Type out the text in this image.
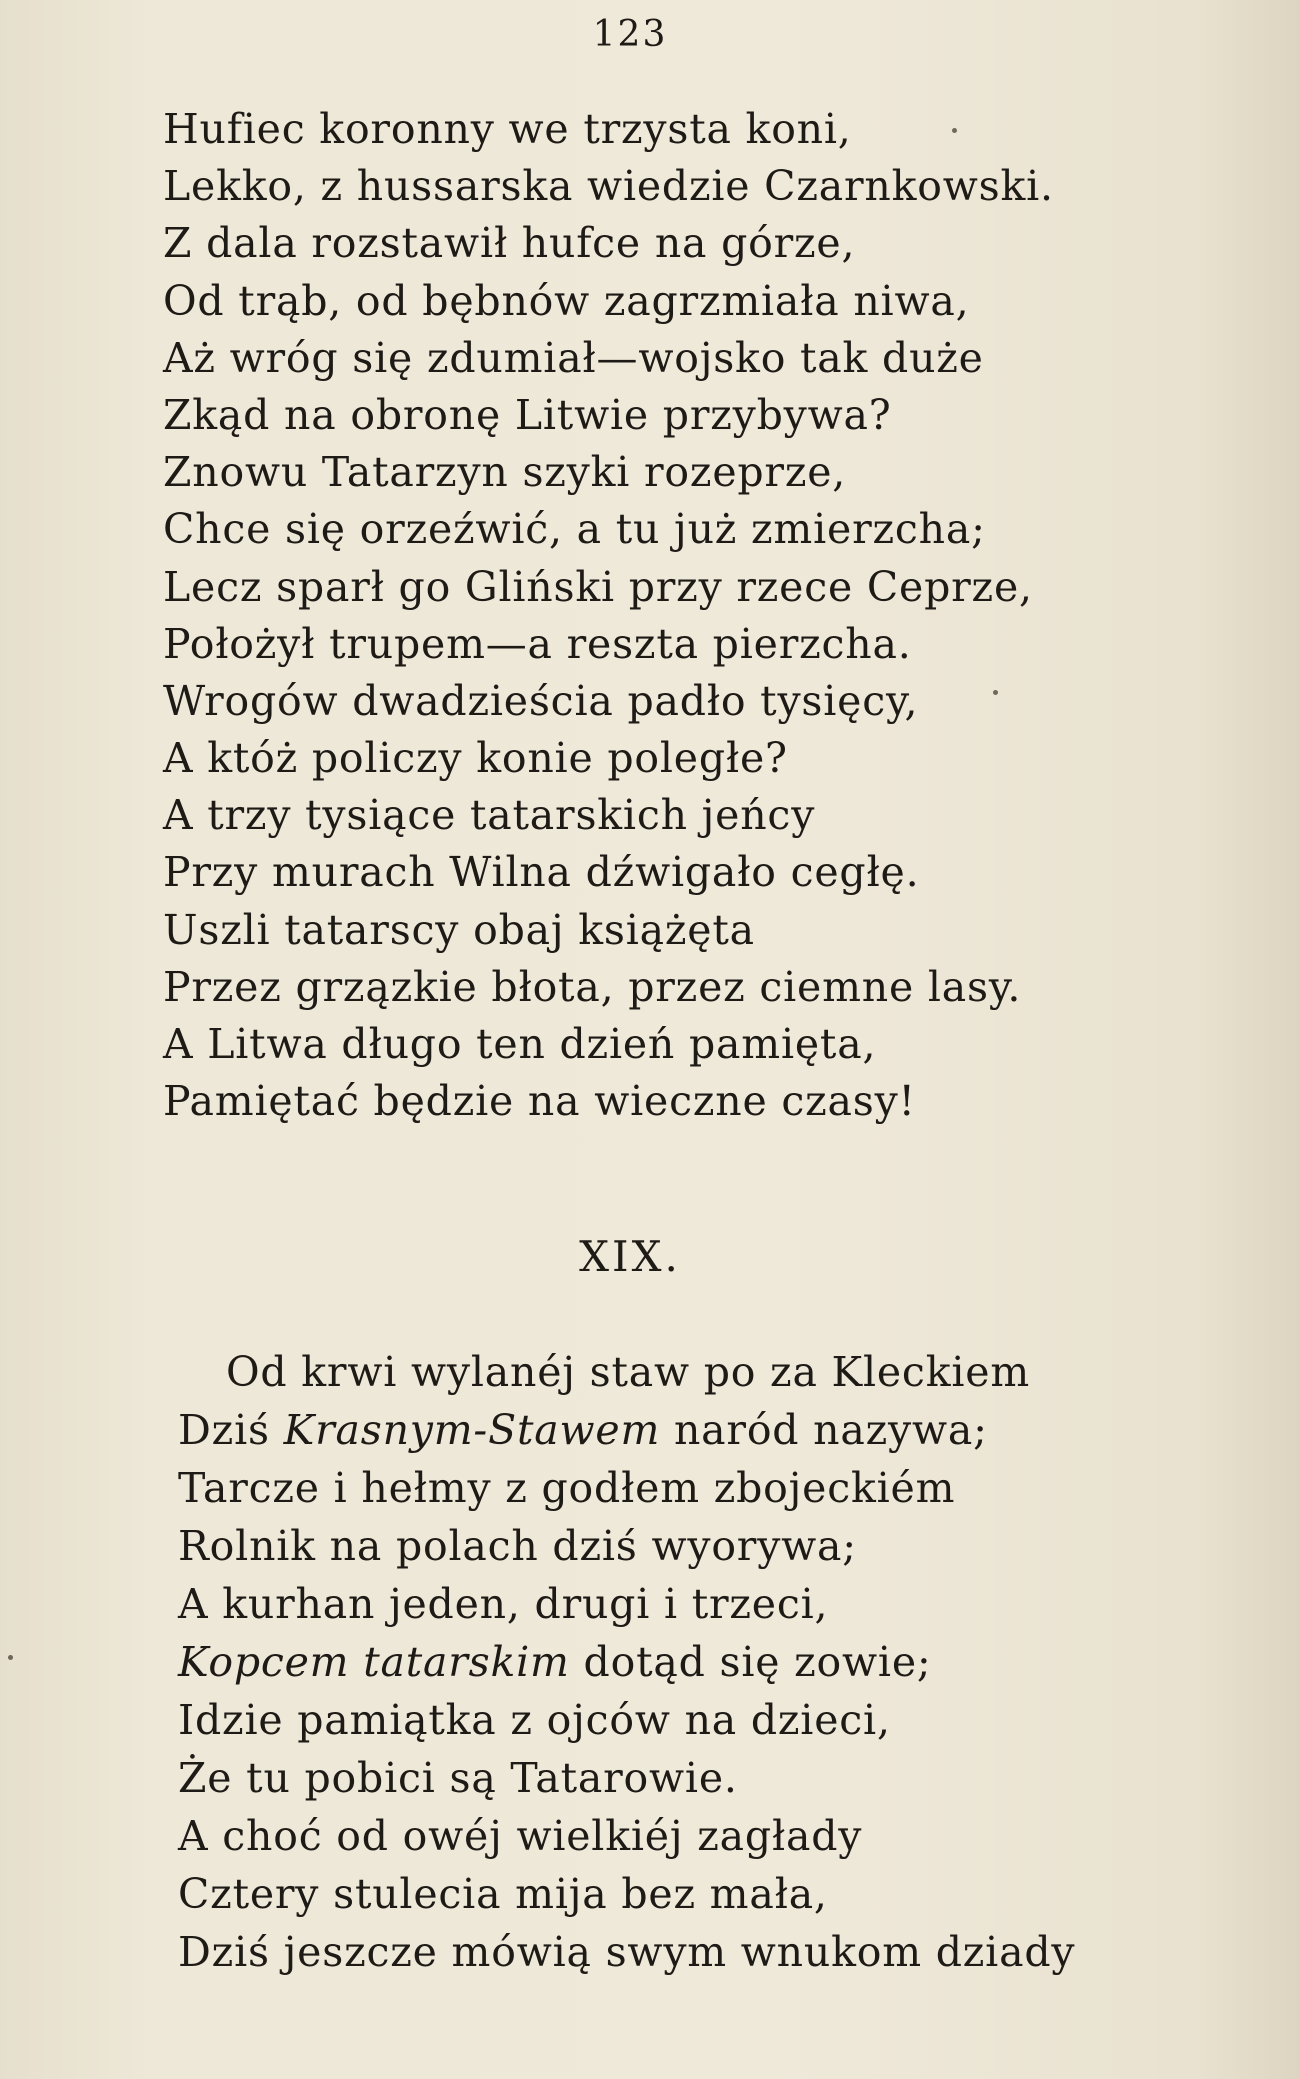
123
Hufiec koronny we trzysta koni,
Lekko, z hussarska wiedzie Czarnkowski.
Z dala rozstawił hufce na górze,
Od trąb, od bębnów zagrzmiała niwa,
Aż wróg się zdumiał—wojsko tak duże
Zkąd na obronę Litwie przybywa?
Znowu Tatarzyn szyki rozeprze,
Chce się orzeźwić, a tu już zmierzcha;
Lecz sparł go Gliński przy rzece Ceprze,
Położył trupem—a reszta pierzcha.
Wrogów dwadzieścia padło tysięcy,
A któż policzy konie poległe?
A trzy tysiące tatarskich jeńcy
Przy murach Wilna dźwigało cegłę.
Uszli tatarscy obaj książęta
Przez grzązkie błota, przez ciemne lasy.
A Litwa długo ten dzień pamięta,
Pamiętać będzie na wieczne czasy!
XIX.
Od krwi wylanéj staw po za Kleckiem
Dziś Krasnym-Stawem naród nazywa;
Tarcze i hełmy z godłem zbojeckiém
Rolnik na polach dziś wyorywa;
A kurhan jeden, drugi i trzeci,
Kopcem tatarskim dotąd się zowie;
Idzie pamiątka z ojców na dzieci,
Że tu pobici są Tatarowie.
A choć od owéj wielkiéj zagłady
Cztery stulecia mija bez mała,
Dziś jeszcze mówią swym wnukom dziady
